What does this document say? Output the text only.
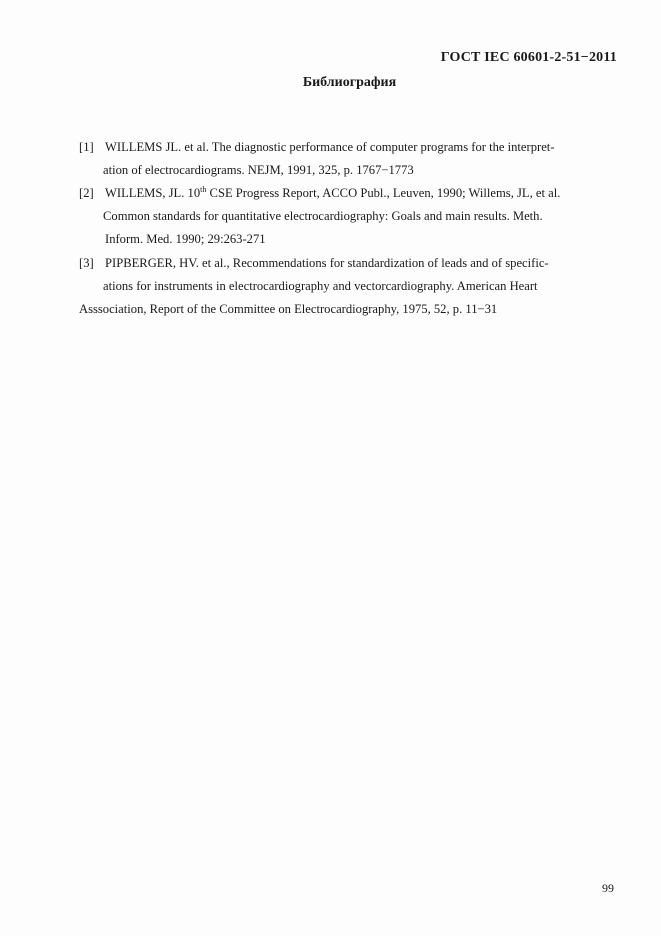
ГОСТ IEC 60601-2-51−2011
Библиография
[1] WILLEMS JL. et al. The diagnostic performance of computer programs for the interpret-
ation of electrocardiograms. NEJM, 1991, 325, p. 1767−1773
[2] WILLEMS, JL. 10th CSE Progress Report, ACCO Publ., Leuven, 1990; Willems, JL, et al.
Common standards for quantitative electrocardiography: Goals and main results. Meth.
Inform. Med. 1990; 29:263-271
[3] PIPBERGER, HV. et al., Recommendations for standardization of leads and of specific-
ations for instruments in electrocardiography and vectorcardiography. American Heart
Asssociation, Report of the Committee on Electrocardiography, 1975, 52, p. 11−31
99
